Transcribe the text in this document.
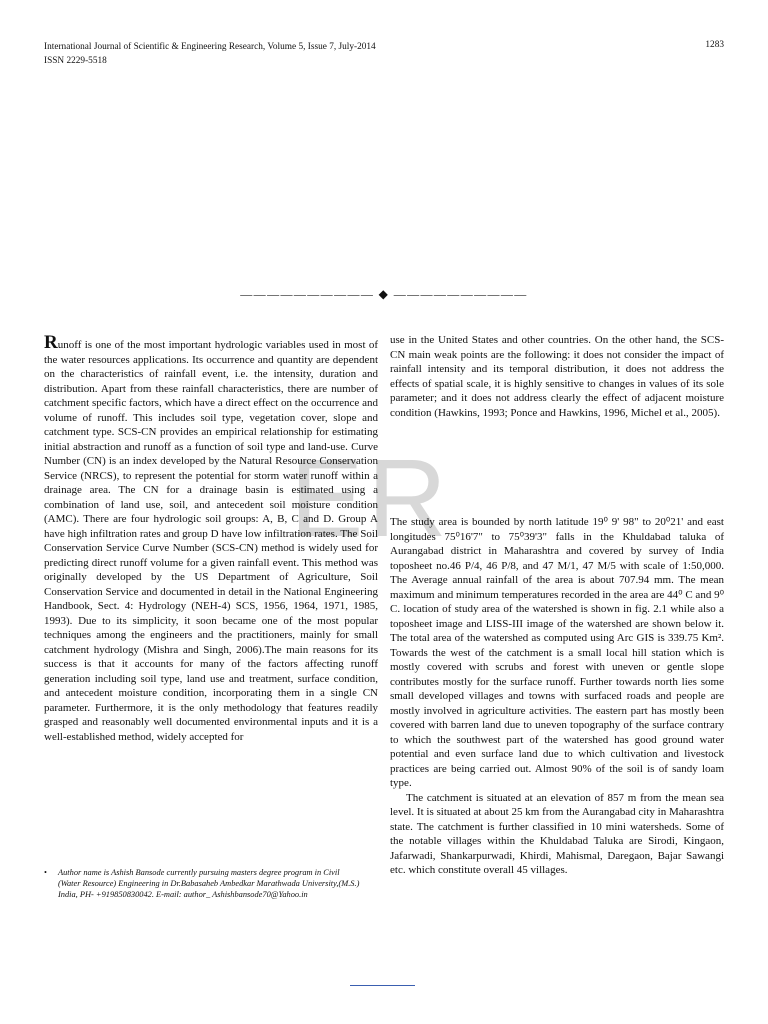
International Journal of Scientific & Engineering Research, Volume 5, Issue 7, July-2014
ISSN 2229-5518
1283
—————————— ◆ ——————————
ER

Runoff is one of the most important hydrologic variables used in most of the water resources applications. Its occurrence and quantity are dependent on the characteristics of rainfall event, i.e. the intensity, duration and distribution. Apart from these rainfall characteristics, there are number of catchment specific factors, which have a direct effect on the occurrence and volume of runoff. This includes soil type, vegetation cover, slope and catchment type. SCS-CN provides an empirical relationship for estimating initial abstraction and runoff as a function of soil type and land-use. Curve Number (CN) is an index developed by the Natural Resource Conservation Service (NRCS), to represent the potential for storm water runoff within a drainage area. The CN for a drainage basin is estimated using a combination of land use, soil, and antecedent soil moisture condition (AMC). There are four hydrologic soil groups: A, B, C and D. Group A have high infiltration rates and group D have low infiltration rates. The Soil Conservation Service Curve Number (SCS-CN) method is widely used for predicting direct runoff volume for a given rainfall event. This method was originally developed by the US Department of Agriculture, Soil Conservation Service and documented in detail in the National Engineering Handbook, Sect. 4: Hydrology (NEH-4) SCS, 1956, 1964, 1971, 1985, 1993). Due to its simplicity, it soon became one of the most popular techniques among the engineers and the practitioners, mainly for small catchment hydrology (Mishra and Singh, 2006).The main reasons for its success is that it accounts for many of the factors affecting runoff generation including soil type, land use and treatment, surface condition, and antecedent moisture condition, incorporating them in a single CN parameter. Furthermore, it is the only methodology that features readily grasped and reasonably well documented environmental inputs and it is a well-established method, widely accepted for

use in the United States and other countries. On the other hand, the SCS-CN main weak points are the following: it does not consider the impact of rainfall intensity and its temporal distribution, it does not address the effects of spatial scale, it is highly sensitive to changes in values of its sole parameter; and it does not address clearly the effect of adjacent moisture condition (Hawkins, 1993; Ponce and Hawkins, 1996, Michel et al., 2005).

The study area is bounded by north latitude 19⁰ 9' 98" to 20⁰21' and east longitudes 75⁰16'7" to 75⁰39'3" falls in the Khuldabad taluka of Aurangabad district in Maharashtra and covered by survey of India toposheet no.46 P/4, 46 P/8, and 47 M/1, 47 M/5 with scale of 1:50,000. The Average annual rainfall of the area is about 707.94 mm. The mean maximum and minimum temperatures recorded in the area are 44⁰ C and 9⁰ C. location of study area of the watershed is shown in fig. 2.1 while also a toposheet image and LISS-III image of the watershed are shown below it. The total area of the watershed as computed using Arc GIS is 339.75 Km². Towards the west of the catchment is a small local hill station which is mostly covered with scrubs and forest with uneven or gentle slope contributes mostly for the surface runoff. Further towards north lies some small developed villages and towns with surfaced roads and people are mostly involved in agriculture activities. The eastern part has mostly been covered with barren land due to uneven topography of the surface contrary to which the southwest part of the watershed has good ground water potential and even surface land due to which cultivation and livestock practices are being carried out. Almost 90% of the soil is of sandy loam type.

The catchment is situated at an elevation of 857 m from the mean sea level. It is situated at about 25 km from the Aurangabad city in Maharashtra state. The catchment is further classified in 10 mini watersheds. Some of the notable villages within the Khuldabad Taluka are Sirodi, Kingaon, Jafarwadi, Shankarpurwadi, Khirdi, Mahismal, Daregaon, Bajar Sawangi etc. which constitute overall 45 villages.

•	Author name is Ashish Bansode currently pursuing masters degree program in Civil (Water Resource) Engineering in Dr.Babasaheb Ambedkar Marathwada University,(M.S.) India, PH- +919850830042. E-mail: author_ Ashishbansode70@Yahoo.in
